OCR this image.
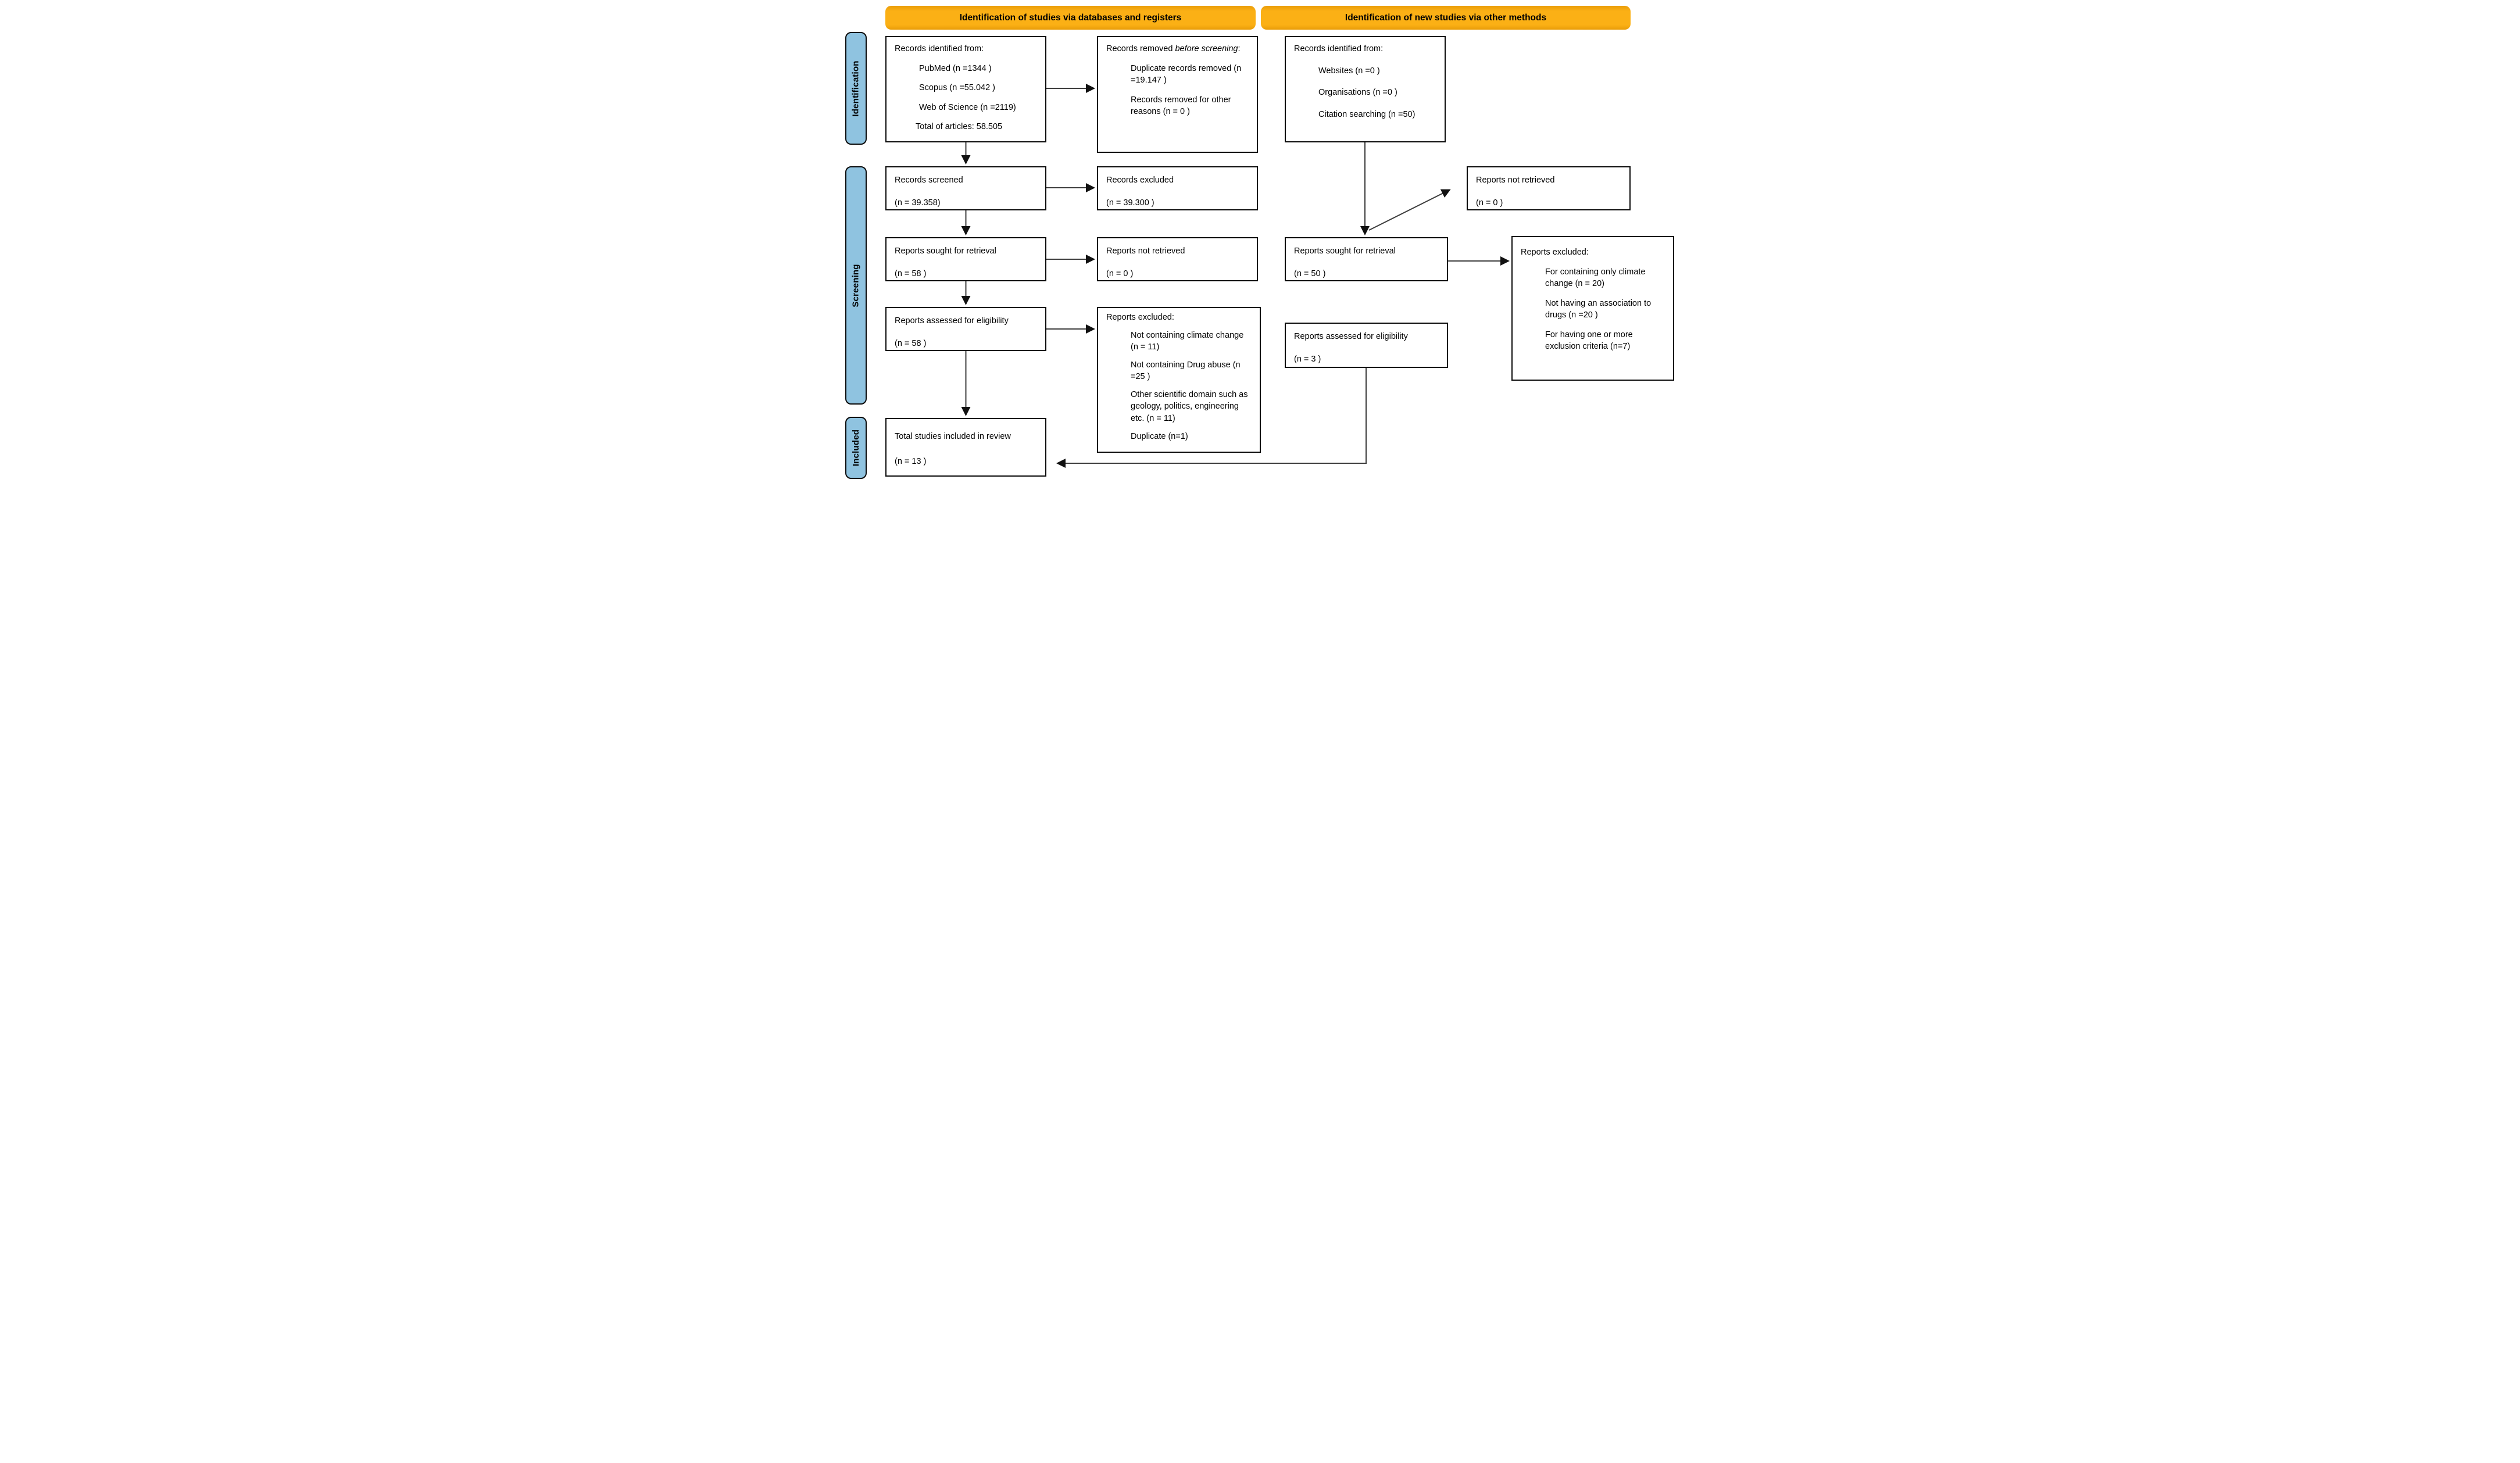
Identification of studies via databases and registers	Identification of new studies via other methods
Identification
Screening
Included
Records identified from:
PubMed (n =1344 )
Scopus (n =55.042 )
Web of Science (n =2119)
Total of articles: 58.505
Records screened
(n = 39.358)
Reports sought for retrieval
(n = 58 )
Reports assessed for eligibility
(n = 58 )
Total studies included in review
(n = 13 )
Records removed before screening:
Duplicate records removed (n =19.147 )
Records removed for other reasons (n = 0 )
Records excluded
(n = 39.300 )
Reports not retrieved
(n = 0 )
Reports excluded:
Not containing climate change (n = 11)
Not containing Drug abuse (n =25 )
Other scientific domain such as geology, politics, engineering etc. (n = 11)
Duplicate (n=1)
Records identified from:
Websites (n =0 )
Organisations (n =0 )
Citation searching (n =50)
Reports sought for retrieval
(n = 50 )
Reports assessed for eligibility
(n = 3 )
Reports not retrieved
(n = 0 )
Reports excluded:
For containing only climate change (n = 20)
Not having an association to drugs (n =20 )
For having one or more exclusion criteria (n=7)
